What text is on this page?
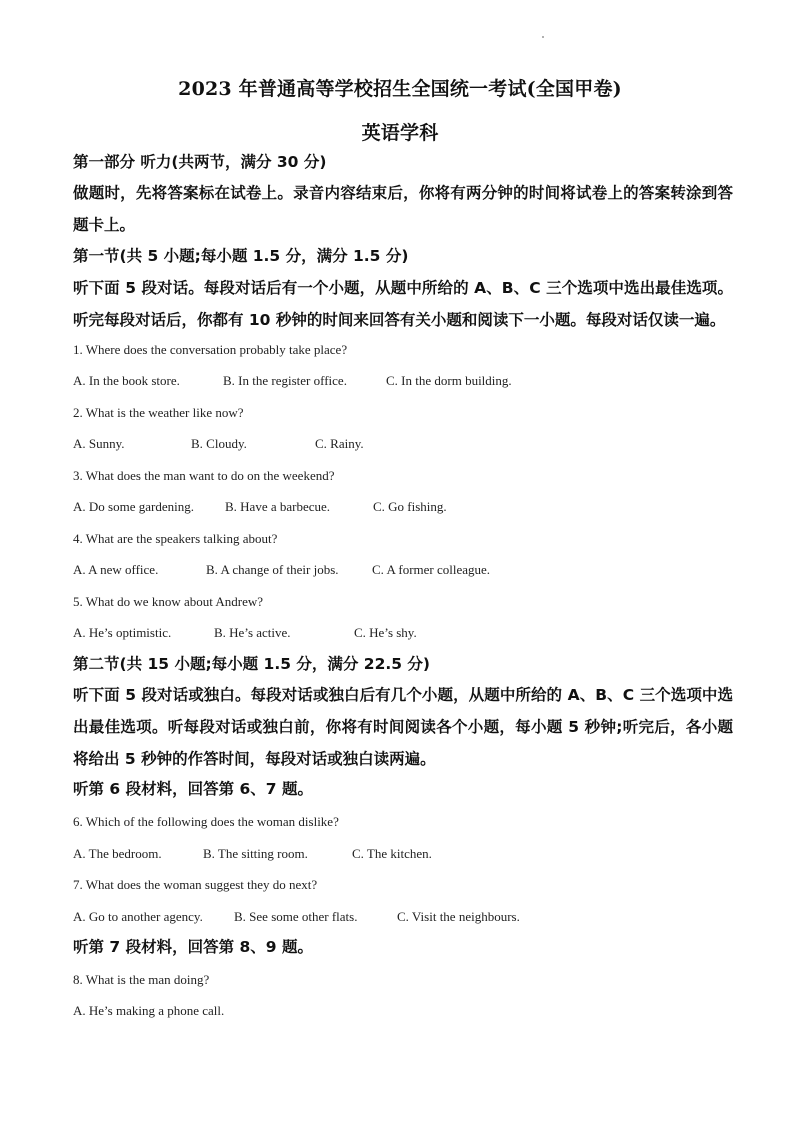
2023 年普通高等学校招生全国统一考试(全国甲卷)
英语学科
第一部分 听力(共两节，满分 30 分)
做题时，先将答案标在试卷上。录音内容结束后，你将有两分钟的时间将试卷上的答案转涂到答题卡上。
第一节(共 5 小题;每小题 1.5 分，满分 1.5 分)
听下面 5 段对话。每段对话后有一个小题，从题中所给的 A、B、C 三个选项中选出最佳选项。听完每段对话后，你都有 10 秒钟的时间来回答有关小题和阅读下一小题。每段对话仅读一遍。
1. Where does the conversation probably take place?
A. In the book store.	B. In the register office.	C. In the dorm building.
2. What is the weather like now?
A. Sunny.	B. Cloudy.	C. Rainy.
3. What does the man want to do on the weekend?
A. Do some gardening. B. Have a barbecue.	C. Go fishing.
4. What are the speakers talking about?
A. A new office.	B. A change of their jobs.	C. A former colleague.
5. What do we know about Andrew?
A. He’s optimistic.	B. He’s active.	C. He’s shy.
第二节(共 15 小题;每小题 1.5 分，满分 22.5 分)
听下面 5 段对话或独白。每段对话或独白后有几个小题，从题中所给的 A、B、C 三个选项中选出最佳选项。听每段对话或独白前，你将有时间阅读各个小题，每小题 5 秒钟;听完后，各小题将给出 5 秒钟的作答时间，每段对话或独白读两遍。
听第 6 段材料，回答第 6、7 题。
6. Which of the following does the woman dislike?
A. The bedroom.	B. The sitting room.	C. The kitchen.
7. What does the woman suggest they do next?
A. Go to another agency. B. See some other flats.	C. Visit the neighbours.
听第 7 段材料，回答第 8、9 题。
8. What is the man doing?
A. He’s making a phone call.
